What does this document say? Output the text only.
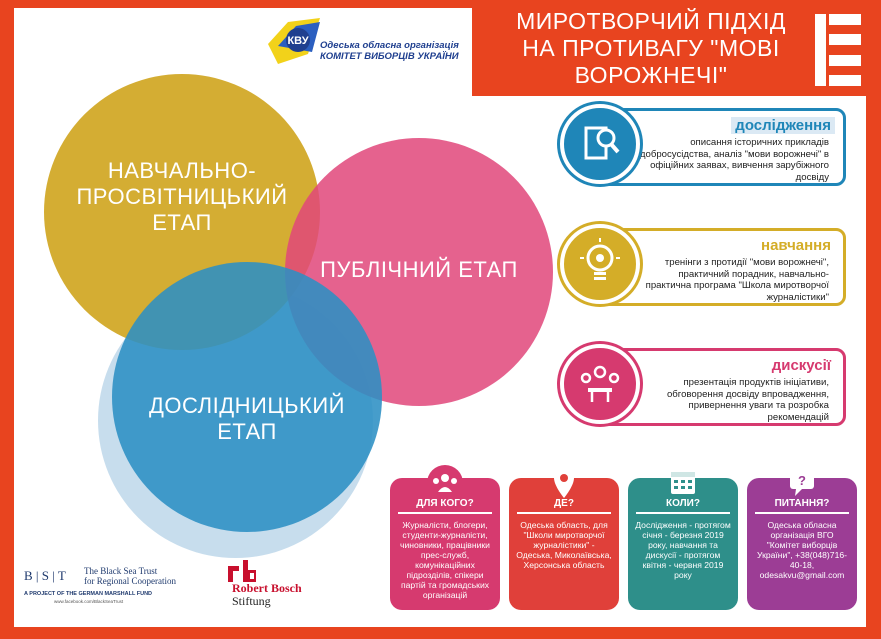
МИРОТВОРЧИЙ ПІДХІД
НА ПРОТИВАГУ "МОВІ
ВОРОЖНЕЧІ"
КВУ Одеська обласна організація
КОМІТЕТ ВИБОРЦІВ УКРАЇНИ
НАВЧАЛЬНО-
ПРОСВІТНИЦЬКИЙ
ЕТАП
ПУБЛІЧНИЙ ЕТАП
ДОСЛІДНИЦЬКИЙ
ЕТАП
дослідження
описання історичних прикладів добросусідства, аналіз "мови ворожнечі" в офіційних заявах, вивчення зарубіжного досвіду
навчання
тренінги з протидії "мови ворожнечі", практичний порадник, навчально-практична програма "Школа миротворчої журналістики"
дискусії
презентація продуктів ініціативи, обговорення досвіду впровадження, привернення уваги та розробка рекомендацій
ДЛЯ КОГО?
Журналісти, блогери, студенти-журналісти, чиновники, працівники прес-служб, комунікаційних підрозділів, спікери партій та громадських організацій
ДЕ?
Одеська область, для "Школи миротворчої журналістики" - Одеська, Миколаївська, Херсонська область
КОЛИ?
Дослідження - протягом січня - березня 2019 року, навчання та дискусії - протягом квітня - червня 2019 року
?
ПИТАННЯ?
Одеська обласна організація ВГО "Комітет виборців України", +38(048)716-40-18, odesakvu@gmail.com
B | S | T The Black Sea Trust
for Regional Cooperation
A PROJECT OF THE GERMAN MARSHALL FUND
www.facebook.com/BlackSeaTrust
Robert Bosch
Stiftung
